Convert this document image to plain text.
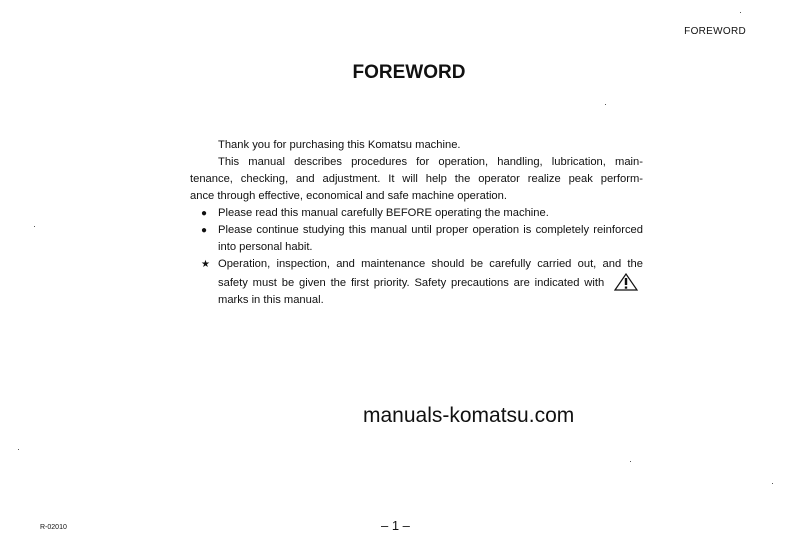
FOREWORD
FOREWORD
Thank you for purchasing this Komatsu machine.
This manual describes procedures for operation, handling, lubrication, main-
tenance, checking, and adjustment. It will help the operator realize peak perform-
ance through effective, economical and safe machine operation.
● Please read this manual carefully BEFORE operating the machine.
● Please continue studying this manual until proper operation is completely reinforced into personal habit.
★ Operation, inspection, and maintenance should be carefully carried out, and the safety must be given the first priority. Safety precautions are indicated with  marks in this manual.
manuals-komatsu.com
R-02010	– 1 –
